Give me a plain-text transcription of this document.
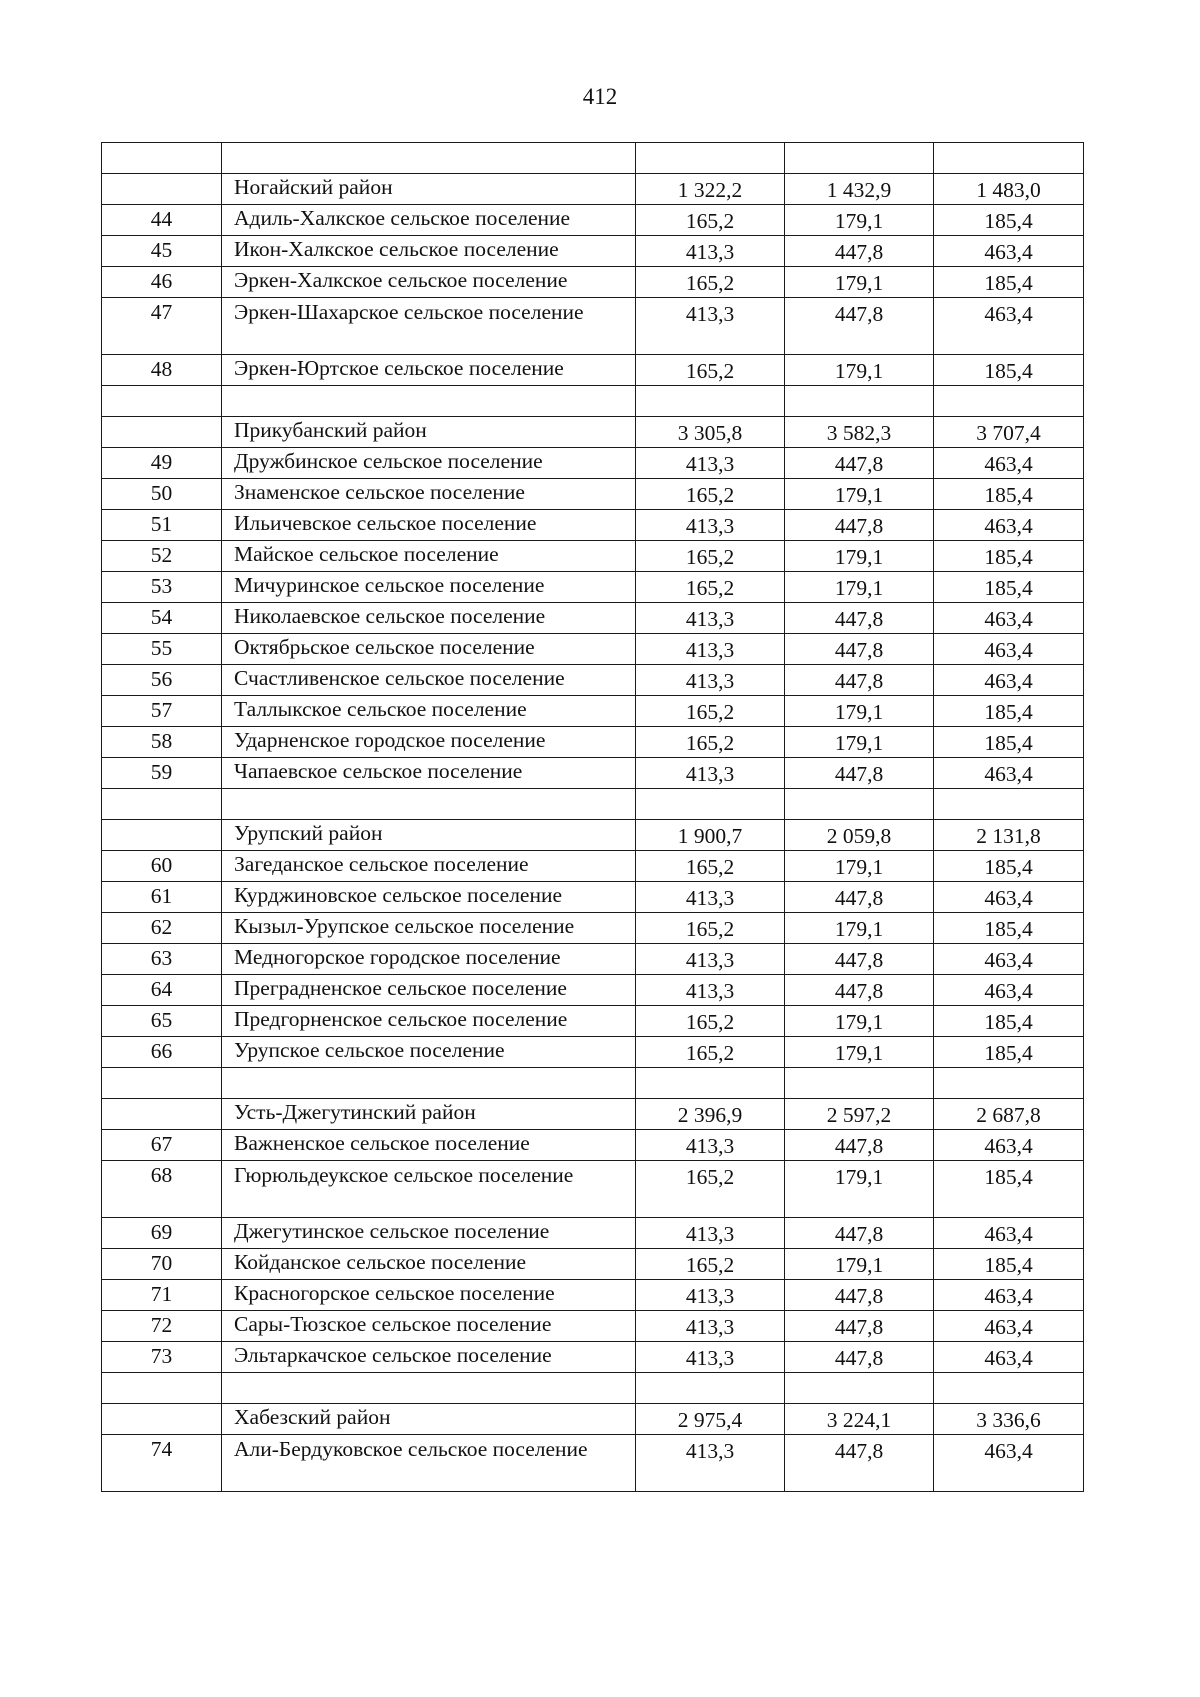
412

	Ногайский район	1 322,2	1 432,9	1 483,0
44	Адиль-Халкское сельское поселение	165,2	179,1	185,4
45	Икон-Халкское сельское поселение	413,3	447,8	463,4
46	Эркен-Халкское сельское поселение	165,2	179,1	185,4
47	Эркен-Шахарское сельское поселение	413,3	447,8	463,4
48	Эркен-Юртское сельское поселение	165,2	179,1	185,4

	Прикубанский район	3 305,8	3 582,3	3 707,4
49	Дружбинское сельское поселение	413,3	447,8	463,4
50	Знаменское сельское поселение	165,2	179,1	185,4
51	Ильичевское сельское поселение	413,3	447,8	463,4
52	Майское сельское поселение	165,2	179,1	185,4
53	Мичуринское сельское поселение	165,2	179,1	185,4
54	Николаевское сельское поселение	413,3	447,8	463,4
55	Октябрьское сельское поселение	413,3	447,8	463,4
56	Счастливенское сельское поселение	413,3	447,8	463,4
57	Таллыкское сельское поселение	165,2	179,1	185,4
58	Ударненское городское поселение	165,2	179,1	185,4
59	Чапаевское сельское поселение	413,3	447,8	463,4

	Урупский район	1 900,7	2 059,8	2 131,8
60	Загеданское сельское поселение	165,2	179,1	185,4
61	Курджиновское сельское поселение	413,3	447,8	463,4
62	Кызыл-Урупское сельское поселение	165,2	179,1	185,4
63	Медногорское городское поселение	413,3	447,8	463,4
64	Преградненское сельское поселение	413,3	447,8	463,4
65	Предгорненское сельское поселение	165,2	179,1	185,4
66	Урупское сельское поселение	165,2	179,1	185,4

	Усть-Джегутинский район	2 396,9	2 597,2	2 687,8
67	Важненское сельское поселение	413,3	447,8	463,4
68	Гюрюльдеукское сельское поселение	165,2	179,1	185,4
69	Джегутинское сельское поселение	413,3	447,8	463,4
70	Койданское сельское поселение	165,2	179,1	185,4
71	Красногорское сельское поселение	413,3	447,8	463,4
72	Сары-Тюзское сельское поселение	413,3	447,8	463,4
73	Эльтаркачское сельское поселение	413,3	447,8	463,4

	Хабезский район	2 975,4	3 224,1	3 336,6
74	Али-Бердуковское сельское поселение	413,3	447,8	463,4
